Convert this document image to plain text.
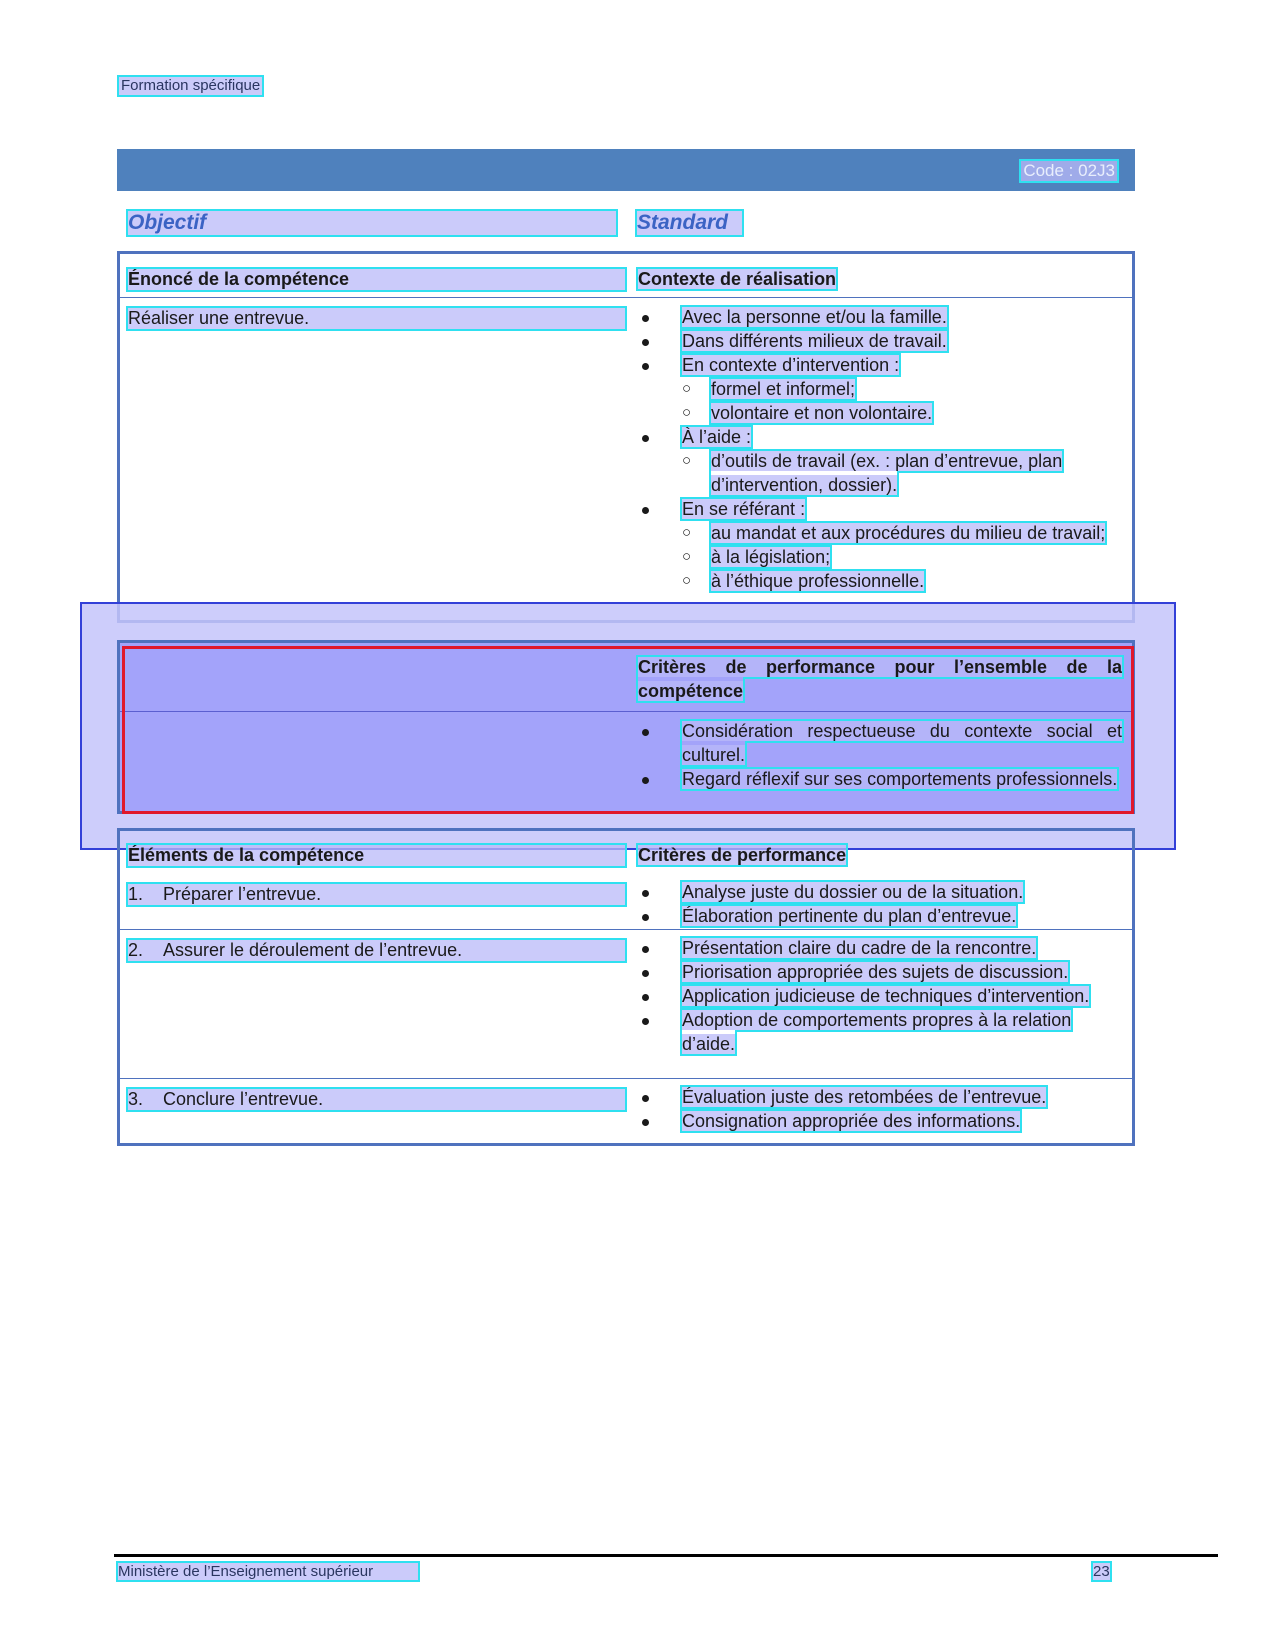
Formation spécifique
Code : 02J3
Objectif	Standard
Énoncé de la compétence	Contexte de réalisation
Réaliser une entrevue.	Avec la personne et/ou la famille.
Dans différents milieux de travail.
En contexte d’intervention :
○ formel et informel;
○ volontaire et non volontaire.
À l’aide :
○ d’outils de travail (ex. : plan d’entrevue, plan d’intervention, dossier).
En se référant :
○ au mandat et aux procédures du milieu de travail;
○ à la législation;
○ à l’éthique professionnelle.
Critères de performance pour l’ensemble de la compétence
Considération respectueuse du contexte social et culturel.
Regard réflexif sur ses comportements professionnels.
Éléments de la compétence	Critères de performance
1. Préparer l’entrevue.	Analyse juste du dossier ou de la situation.
Élaboration pertinente du plan d’entrevue.
2. Assurer le déroulement de l’entrevue.	Présentation claire du cadre de la rencontre.
Priorisation appropriée des sujets de discussion.
Application judicieuse de techniques d’intervention.
Adoption de comportements propres à la relation d’aide.
3. Conclure l’entrevue.	Évaluation juste des retombées de l’entrevue.
Consignation appropriée des informations.
Ministère de l’Enseignement supérieur	23
